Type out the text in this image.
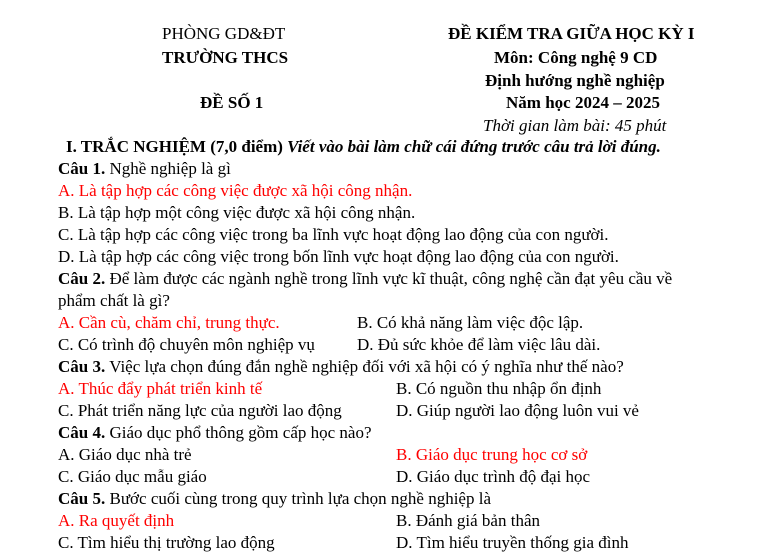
PHÒNG GD&ĐT
TRƯỜNG THCS
ĐỀ SỐ 1
ĐỀ KIỂM TRA GIỮA HỌC KỲ I
Môn: Công nghệ 9 CD
Định hướng nghề nghiệp
Năm học 2024 – 2025
Thời gian làm bài: 45 phút
I. TRẮC NGHIỆM (7,0 điểm) Viết vào bài làm chữ cái đứng trước câu trả lời đúng.
Câu 1. Nghề nghiệp là gì
A. Là tập hợp các công việc được xã hội công nhận.
B. Là tập hợp một công việc được xã hội công nhận.
C. Là tập hợp các công việc trong ba lĩnh vực hoạt động lao động của con người.
D. Là tập hợp các công việc trong bốn lĩnh vực hoạt động lao động của con người.
Câu 2. Để làm được các ngành nghề trong lĩnh vực kĩ thuật, công nghệ cần đạt yêu cầu về
phẩm chất là gì?
A. Cần cù, chăm chỉ, trung thực.	B. Có khả năng làm việc độc lập.
C. Có trình độ chuyên môn nghiệp vụ D. Đủ sức khỏe để làm việc lâu dài.
Câu 3. Việc lựa chọn đúng đắn nghề nghiệp đối với xã hội có ý nghĩa như thế nào?
A. Thúc đẩy phát triển kinh tế	B. Có nguồn thu nhập ổn định
C. Phát triển năng lực của người lao động	D. Giúp người lao động luôn vui vẻ
Câu 4. Giáo dục phổ thông gồm cấp học nào?
A. Giáo dục nhà trẻ	B. Giáo dục trung học cơ sở
C. Giáo dục mẫu giáo	D. Giáo dục trình độ đại học
Câu 5. Bước cuối cùng trong quy trình lựa chọn nghề nghiệp là
A. Ra quyết định	B. Đánh giá bản thân
C. Tìm hiểu thị trường lao động	D. Tìm hiểu truyền thống gia đình
